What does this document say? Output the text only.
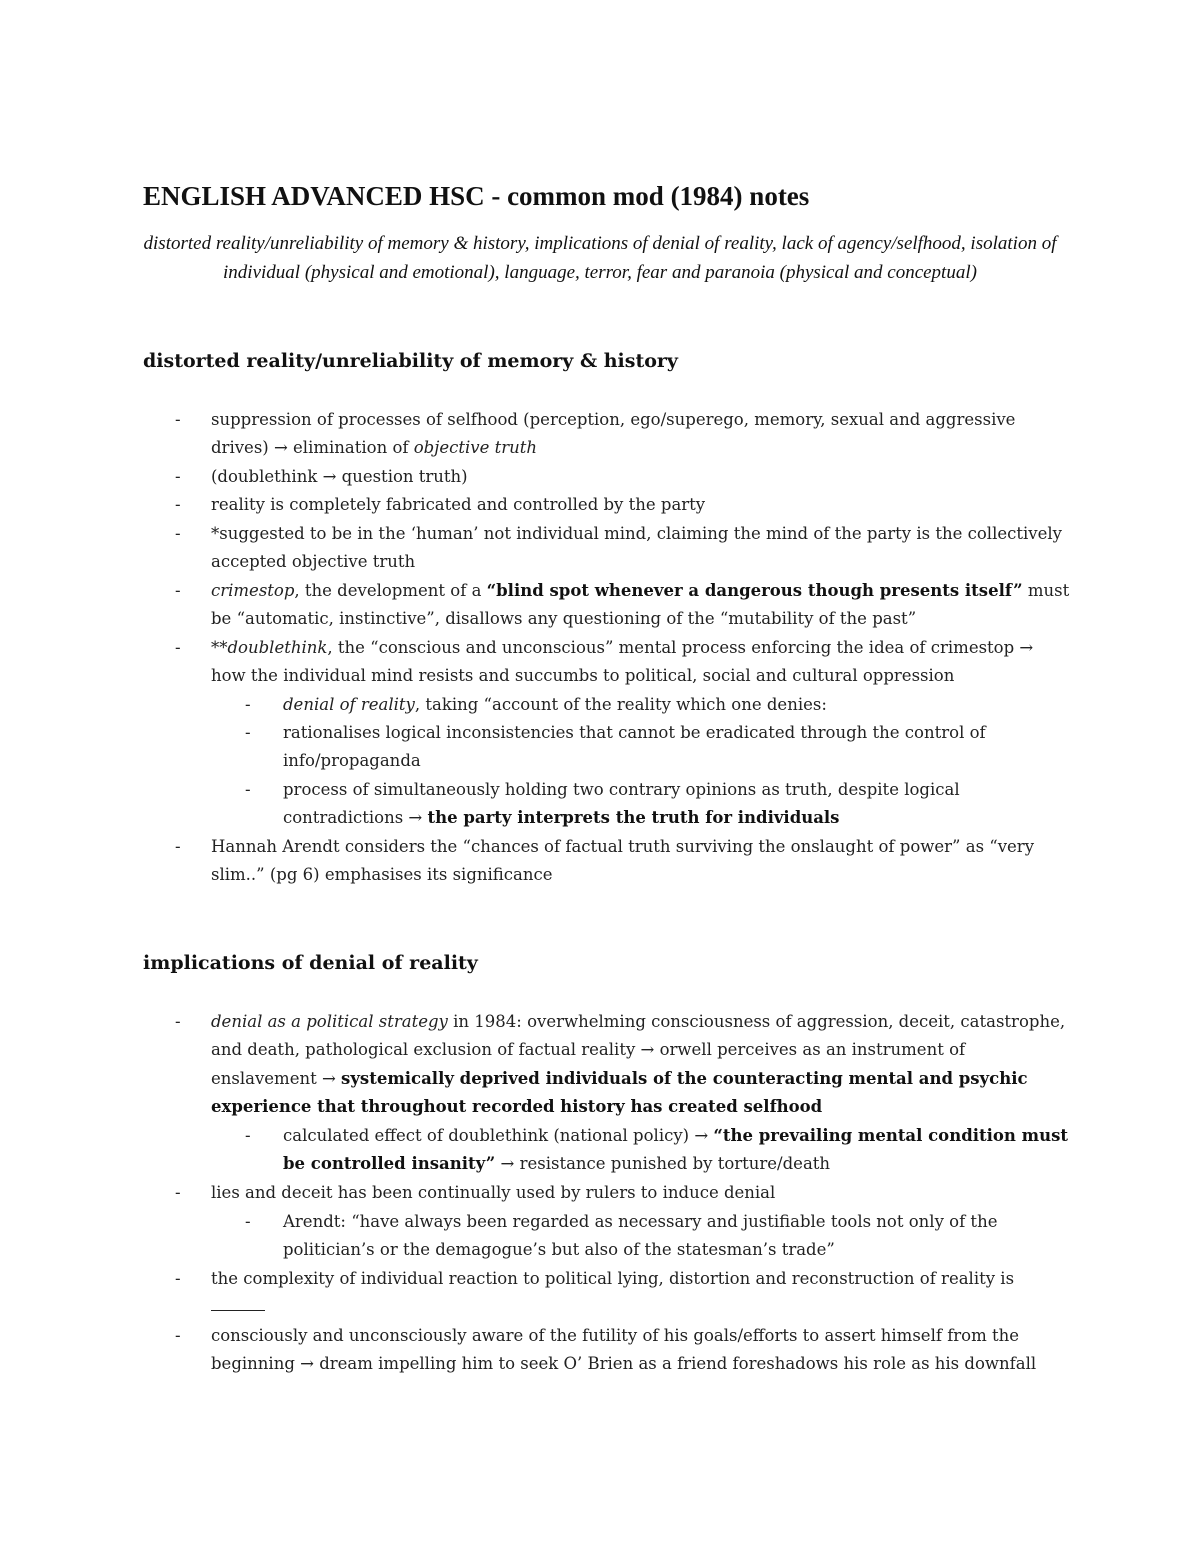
ENGLISH ADVANCED HSC - common mod (1984) notes

distorted reality/unreliability of memory & history, implications of denial of reality, lack of agency/selfhood, isolation of individual (physical and emotional), language, terror, fear and paranoia (physical and conceptual)

distorted reality/unreliability of memory & history
- suppression of processes of selfhood (perception, ego/superego, memory, sexual and aggressive drives) → elimination of objective truth

- (doublethink → question truth)

- reality is completely fabricated and controlled by the party

- *suggested to be in the ‘human’ not individual mind, claiming the mind of the party is the collectively accepted objective truth

- crimestop, the development of a “blind spot whenever a dangerous though presents itself” must be “automatic, instinctive”, disallows any questioning of the “mutability of the past”

- **doublethink, the “conscious and unconscious” mental process enforcing the idea of crimestop → how the individual mind resists and succumbs to political, social and cultural oppression

- denial of reality, taking “account of the reality which one denies:

- rationalises logical inconsistencies that cannot be eradicated through the control of info/propaganda

- process of simultaneously holding two contrary opinions as truth, despite logical contradictions → the party interprets the truth for individuals

- Hannah Arendt considers the “chances of factual truth surviving the onslaught of power” as “very slim..” (pg 6) emphasises its significance

implications of denial of reality
- denial as a political strategy in 1984: overwhelming consciousness of aggression, deceit, catastrophe, and death, pathological exclusion of factual reality → orwell perceives as an instrument of enslavement → systemically deprived individuals of the counteracting mental and psychic experience that throughout recorded history has created selfhood

- calculated effect of doublethink (national policy) → “the prevailing mental condition must be controlled insanity” → resistance punished by torture/death

- lies and deceit has been continually used by rulers to induce denial

- Arendt: “have always been regarded as necessary and justifiable tools not only of the politician’s or the demagogue’s but also of the statesman’s trade”

- the complexity of individual reaction to political lying, distortion and reconstruction of reality is

- consciously and unconsciously aware of the futility of his goals/efforts to assert himself from the beginning → dream impelling him to seek O’ Brien as a friend foreshadows his role as his downfall
